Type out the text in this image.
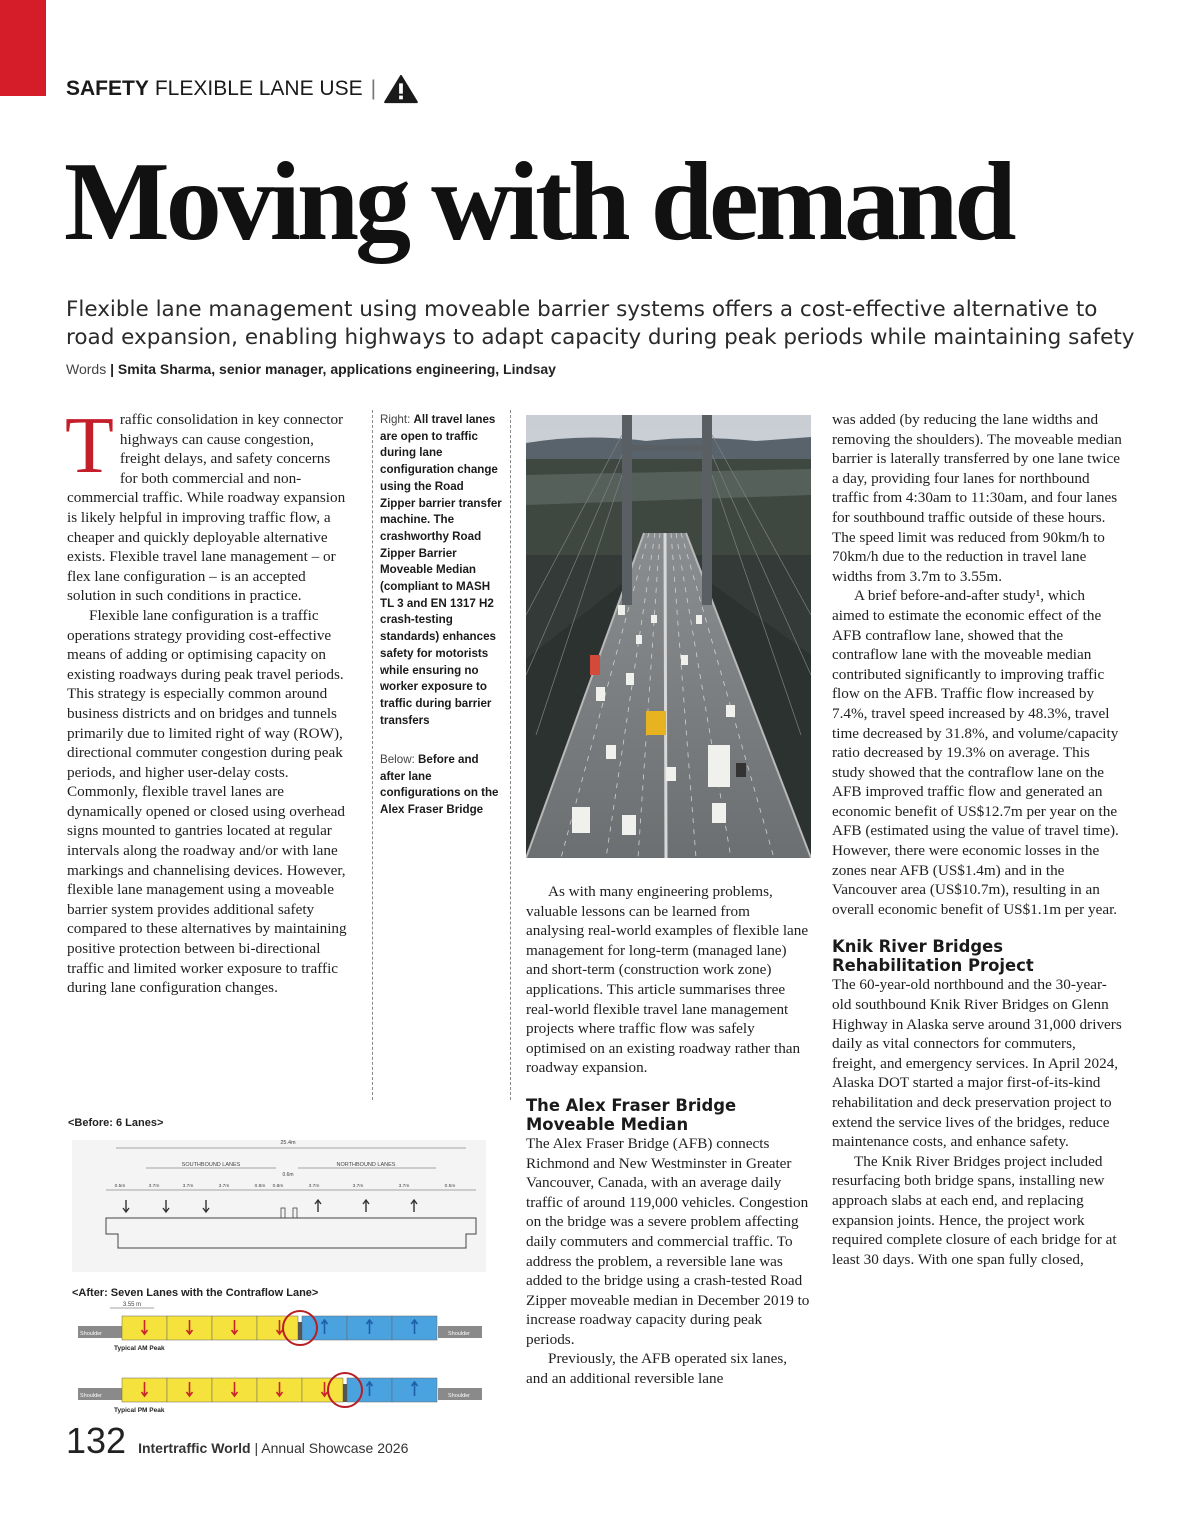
SAFETY FLEXIBLE LANE USE |
Moving with demand

Flexible lane management using moveable barrier systems offers a cost-effective alternative to road expansion, enabling highways to adapt capacity during peak periods while maintaining safety

Words | Smita Sharma, senior manager, applications engineering, Lindsay

Traffic consolidation in key connector highways can cause congestion, freight delays, and safety concerns for both commercial and non-commercial traffic. While roadway expansion is likely helpful in improving traffic flow, a cheaper and quickly deployable alternative exists. Flexible travel lane management – or flex lane configuration – is an accepted solution in such conditions in practice.

Flexible lane configuration is a traffic operations strategy providing cost-effective means of adding or optimising capacity on existing roadways during peak travel periods. This strategy is especially common around business districts and on bridges and tunnels primarily due to limited right of way (ROW), directional commuter congestion during peak periods, and higher user-delay costs. Commonly, flexible travel lanes are dynamically opened or closed using overhead signs mounted to gantries located at regular intervals along the roadway and/or with lane markings and channelising devices. However, flexible lane management using a moveable barrier system provides additional safety compared to these alternatives by maintaining positive protection between bi-directional traffic and limited worker exposure to traffic during lane configuration changes.

Right: All travel lanes are open to traffic during lane configuration change using the Road Zipper barrier transfer machine. The crashworthy Road Zipper Barrier Moveable Median (compliant to MASH TL 3 and EN 1317 H2 crash-testing standards) enhances safety for motorists while ensuring no worker exposure to traffic during barrier transfers
Below: Before and after lane configurations on the Alex Fraser Bridge

As with many engineering problems, valuable lessons can be learned from analysing real-world examples of flexible lane management for long-term (managed lane) and short-term (construction work zone) applications. This article summarises three real-world flexible travel lane management projects where traffic flow was safely optimised on an existing roadway rather than roadway expansion.

The Alex Fraser Bridge Moveable Median

The Alex Fraser Bridge (AFB) connects Richmond and New Westminster in Greater Vancouver, Canada, with an average daily traffic of around 119,000 vehicles. Congestion on the bridge was a severe problem affecting daily commuters and commercial traffic. To address the problem, a reversible lane was added to the bridge using a crash-tested Road Zipper moveable median in December 2019 to increase roadway capacity during peak periods.

Previously, the AFB operated six lanes, and an additional reversible lane

was added (by reducing the lane widths and removing the shoulders). The moveable median barrier is laterally transferred by one lane twice a day, providing four lanes for northbound traffic from 4:30am to 11:30am, and four lanes for southbound traffic outside of these hours. The speed limit was reduced from 90km/h to 70km/h due to the reduction in travel lane widths from 3.7m to 3.55m.

A brief before-and-after study¹, which aimed to estimate the economic effect of the AFB contraflow lane, showed that the contraflow lane with the moveable median contributed significantly to improving traffic flow on the AFB. Traffic flow increased by 7.4%, travel speed increased by 48.3%, travel time decreased by 31.8%, and volume/capacity ratio decreased by 19.3% on average. This study showed that the contraflow lane on the AFB improved traffic flow and generated an economic benefit of US$12.7m per year on the AFB (estimated using the value of travel time). However, there were economic losses in the zones near AFB (US$1.4m) and in the Vancouver area (US$10.7m), resulting in an overall economic benefit of US$1.1m per year.

Knik River Bridges Rehabilitation Project

The 60-year-old northbound and the 30-year-old southbound Knik River Bridges on Glenn Highway in Alaska serve around 31,000 drivers daily as vital connectors for commuters, freight, and emergency services. In April 2024, Alaska DOT started a major first-of-its-kind rehabilitation and deck preservation project to extend the service lives of the bridges, reduce maintenance costs, and enhance safety.

The Knik River Bridges project included resurfacing both bridge spans, installing new approach slabs at each end, and replacing expansion joints. Hence, the project work required complete closure of each bridge for at least 30 days. With one span fully closed,

<Before: 6 Lanes>
25.4m
SOUTHBOUND LANES	NORTHBOUND LANES
0.6m
0.5m	3.7m	3.7m	3.7m	0.8m 0.8m	3.7m	3.7m	3.7m	0.5m
<After: Seven Lanes with the Contraflow Lane>
3.55 m
Shoulder	Shoulder
Typical AM Peak
Shoulder	Shoulder
Typical PM Peak
132 Intertraffic World | Annual Showcase 2026
